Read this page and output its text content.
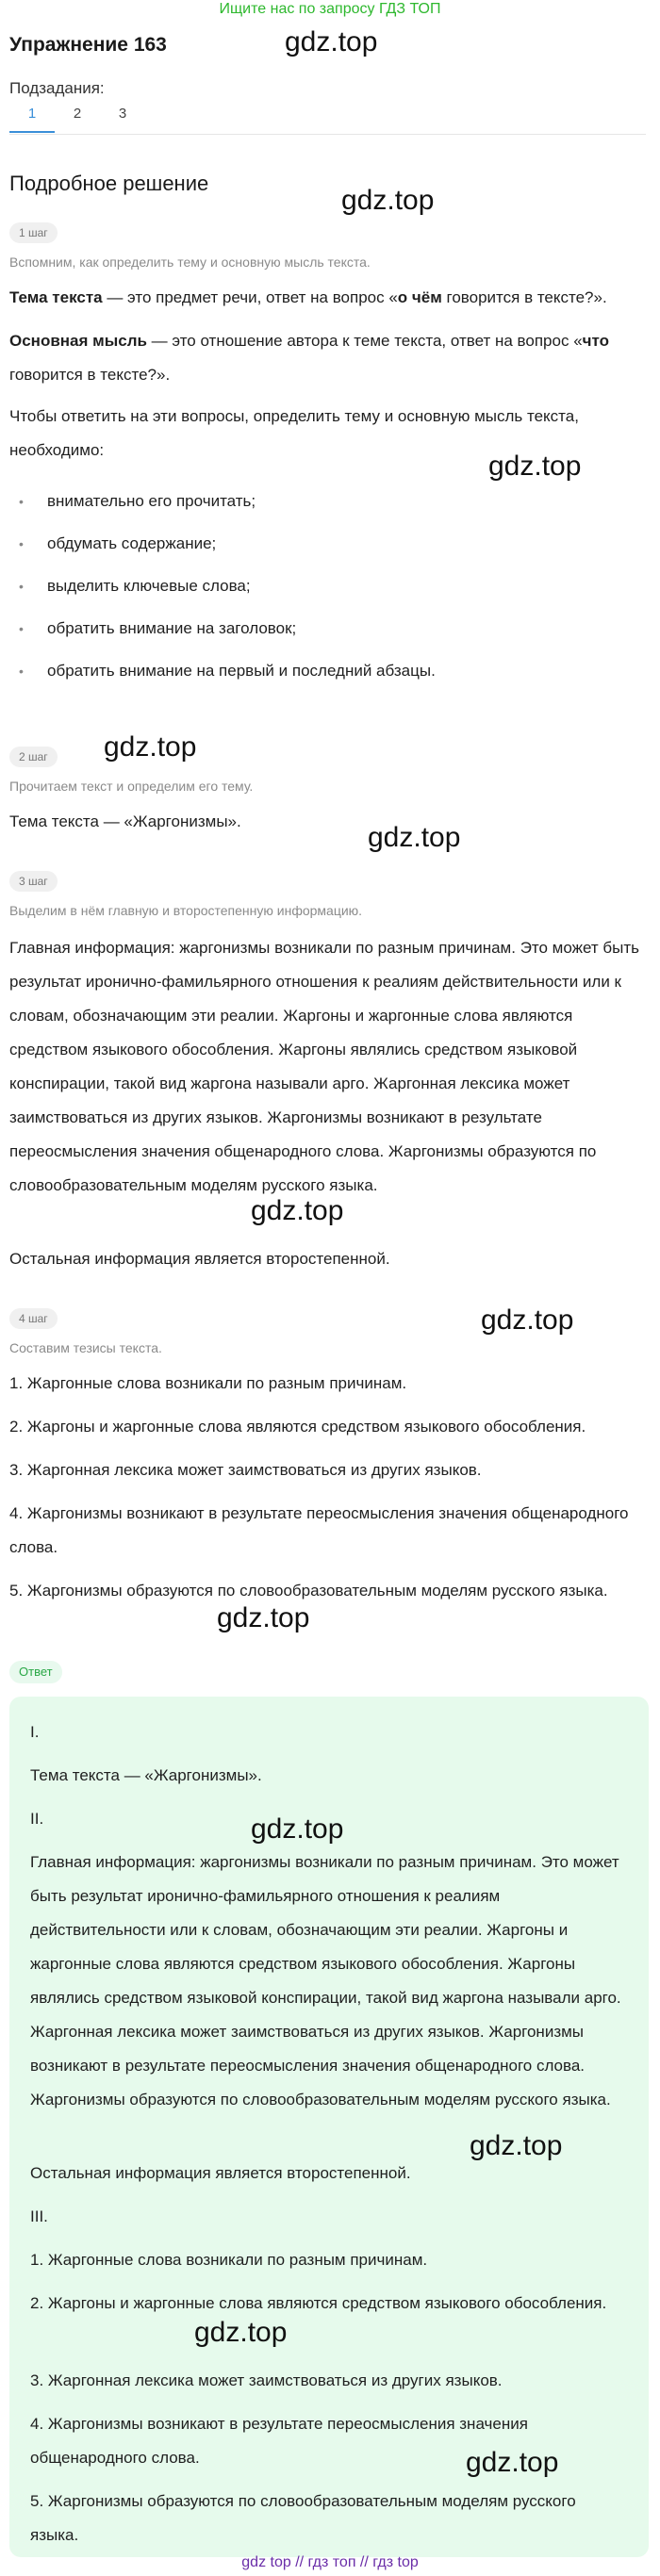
Ищите нас по запросу ГДЗ ТОП
Упражнение 163
Подзадания:
1	2	3
Подробное решение
1 шаг
Вспомним, как определить тему и основную мысль текста.
Тема текста — это предмет речи, ответ на вопрос «о чём говорится в тексте?».
Основная мысль — это отношение автора к теме текста, ответ на вопрос «что говорится в тексте?».
Чтобы ответить на эти вопросы, определить тему и основную мысль текста, необходимо:
• внимательно его прочитать;
• обдумать содержание;
• выделить ключевые слова;
• обратить внимание на заголовок;
• обратить внимание на первый и последний абзацы.
2 шаг
Прочитаем текст и определим его тему.
Тема текста — «Жаргонизмы».
3 шаг
Выделим в нём главную и второстепенную информацию.
Главная информация: жаргонизмы возникали по разным причинам. Это может быть результат иронично-фамильярного отношения к реалиям действительности или к словам, обозначающим эти реалии. Жаргоны и жаргонные слова являются средством языкового обособления. Жаргоны являлись средством языковой конспирации, такой вид жаргона называли арго. Жаргонная лексика может заимствоваться из других языков. Жаргонизмы возникают в результате переосмысления значения общенародного слова. Жаргонизмы образуются по словообразовательным моделям русского языка.
Остальная информация является второстепенной.
4 шаг
Составим тезисы текста.
1. Жаргонные слова возникали по разным причинам.
2. Жаргоны и жаргонные слова являются средством языкового обособления.
3. Жаргонная лексика может заимствоваться из других языков.
4. Жаргонизмы возникают в результате переосмысления значения общенародного слова.
5. Жаргонизмы образуются по словообразовательным моделям русского языка.
Ответ
I.
Тема текста — «Жаргонизмы».
II.
Главная информация: жаргонизмы возникали по разным причинам. Это может быть результат иронично-фамильярного отношения к реалиям действительности или к словам, обозначающим эти реалии. Жаргоны и жаргонные слова являются средством языкового обособления. Жаргоны являлись средством языковой конспирации, такой вид жаргона называли арго. Жаргонная лексика может заимствоваться из других языков. Жаргонизмы возникают в результате переосмысления значения общенародного слова. Жаргонизмы образуются по словообразовательным моделям русского языка.
Остальная информация является второстепенной.
III.
1. Жаргонные слова возникали по разным причинам.
2. Жаргоны и жаргонные слова являются средством языкового обособления.
3. Жаргонная лексика может заимствоваться из других языков.
4. Жаргонизмы возникают в результате переосмысления значения общенародного слова.
5. Жаргонизмы образуются по словообразовательным моделям русского языка.
gdz.top
gdz.top
gdz.top
gdz.top
gdz.top
gdz.top
gdz.top
gdz.top
gdz.top
gdz.top
gdz.top
gdz.top
gdz top // гдз топ // гдз top
